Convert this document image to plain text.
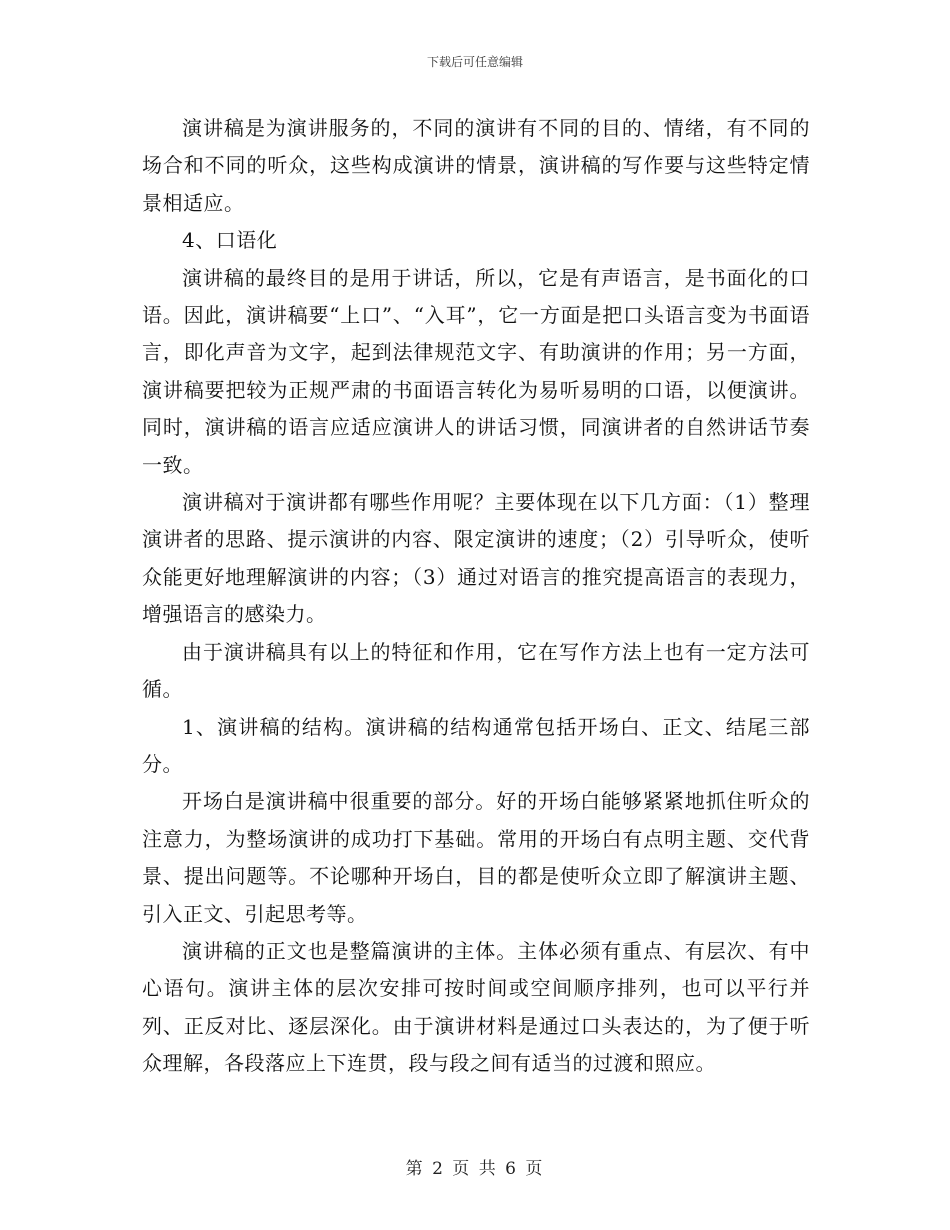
下载后可任意编辑

演讲稿是为演讲服务的，不同的演讲有不同的目的、情绪，有不同的场合和不同的听众，这些构成演讲的情景，演讲稿的写作要与这些特定情景相适应。

4、口语化

演讲稿的最终目的是用于讲话，所以，它是有声语言，是书面化的口语。因此，演讲稿要“上口”、“入耳”，它一方面是把口头语言变为书面语言，即化声音为文字，起到法律规范文字、有助演讲的作用；另一方面，演讲稿要把较为正规严肃的书面语言转化为易听易明的口语，以便演讲。同时，演讲稿的语言应适应演讲人的讲话习惯，同演讲者的自然讲话节奏一致。

演讲稿对于演讲都有哪些作用呢？主要体现在以下几方面：（1）整理演讲者的思路、提示演讲的内容、限定演讲的速度；（2）引导听众，使听众能更好地理解演讲的内容；（3）通过对语言的推究提高语言的表现力，增强语言的感染力。

由于演讲稿具有以上的特征和作用，它在写作方法上也有一定方法可循。

1、演讲稿的结构。演讲稿的结构通常包括开场白、正文、结尾三部分。

开场白是演讲稿中很重要的部分。好的开场白能够紧紧地抓住听众的注意力，为整场演讲的成功打下基础。常用的开场白有点明主题、交代背景、提出问题等。不论哪种开场白，目的都是使听众立即了解演讲主题、引入正文、引起思考等。

演讲稿的正文也是整篇演讲的主体。主体必须有重点、有层次、有中心语句。演讲主体的层次安排可按时间或空间顺序排列，也可以平行并列、正反对比、逐层深化。由于演讲材料是通过口头表达的，为了便于听众理解，各段落应上下连贯，段与段之间有适当的过渡和照应。

第 2 页 共 6 页
